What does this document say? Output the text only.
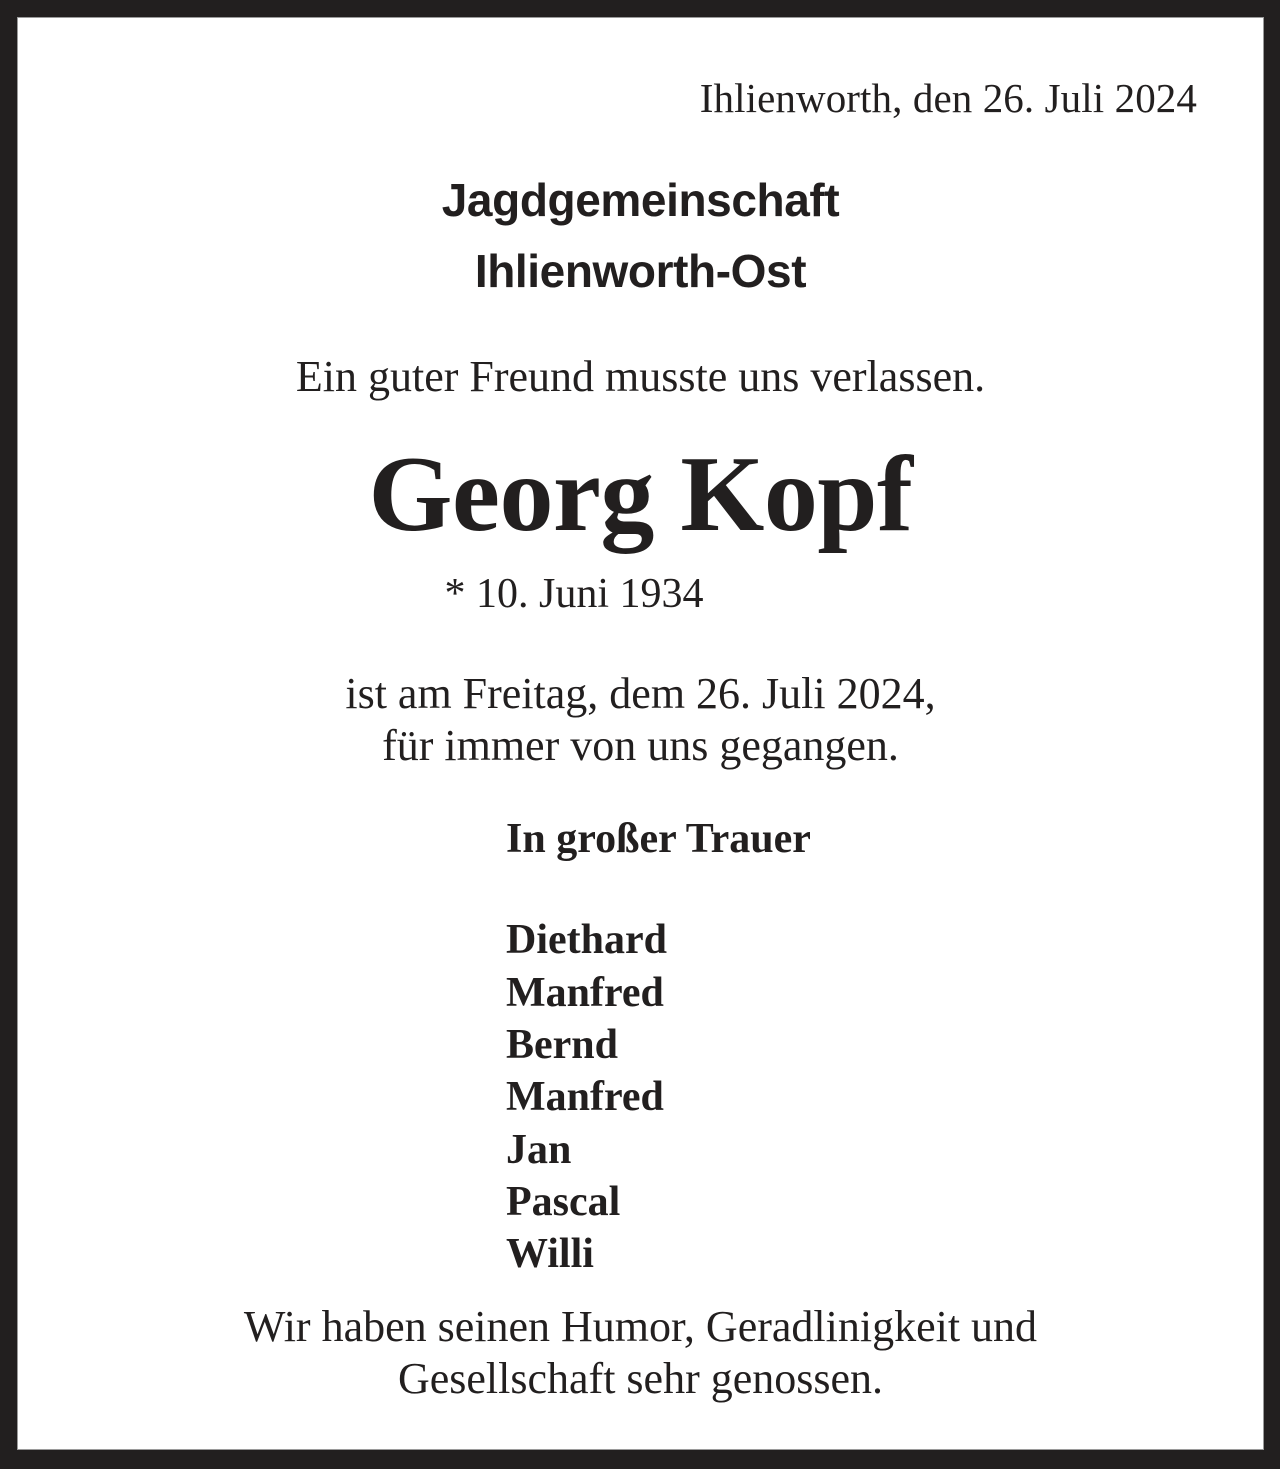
Ihlienworth, den 26. Juli 2024
Jagdgemeinschaft
Ihlienworth-Ost
Ein guter Freund musste uns verlassen.
Georg Kopf
* 10. Juni 1934
ist am Freitag, dem 26. Juli 2024,
für immer von uns gegangen.
In großer Trauer
Diethard
Manfred
Bernd
Manfred
Jan
Pascal
Willi
Wir haben seinen Humor, Geradlinigkeit und
Gesellschaft sehr genossen.
